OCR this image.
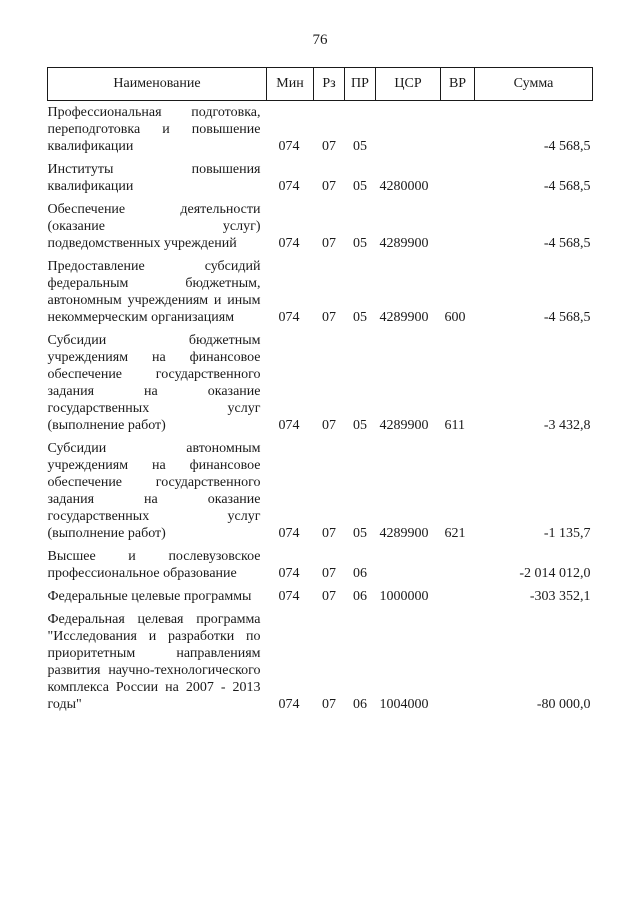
76
Наименование	Мин	Рз	ПР	ЦСР	ВР	Сумма
Профессиональная подготовка, переподготовка и повышение квалификации	074	07	05			-4 568,5
Институты повышения квалификации	074	07	05	4280000		-4 568,5
Обеспечение деятельности (оказание услуг) подведомственных учреждений	074	07	05	4289900		-4 568,5
Предоставление субсидий федеральным бюджетным, автономным учреждениям и иным некоммерческим организациям	074	07	05	4289900	600	-4 568,5
Субсидии бюджетным учреждениям на финансовое обеспечение государственного задания на оказание государственных услуг (выполнение работ)	074	07	05	4289900	611	-3 432,8
Субсидии автономным учреждениям на финансовое обеспечение государственного задания на оказание государственных услуг (выполнение работ)	074	07	05	4289900	621	-1 135,7
Высшее и послевузовское профессиональное образование	074	07	06			-2 014 012,0
Федеральные целевые программы	074	07	06	1000000		-303 352,1
Федеральная целевая программа "Исследования и разработки по приоритетным направлениям развития научно-технологического комплекса России на 2007 - 2013 годы"	074	07	06	1004000		-80 000,0
